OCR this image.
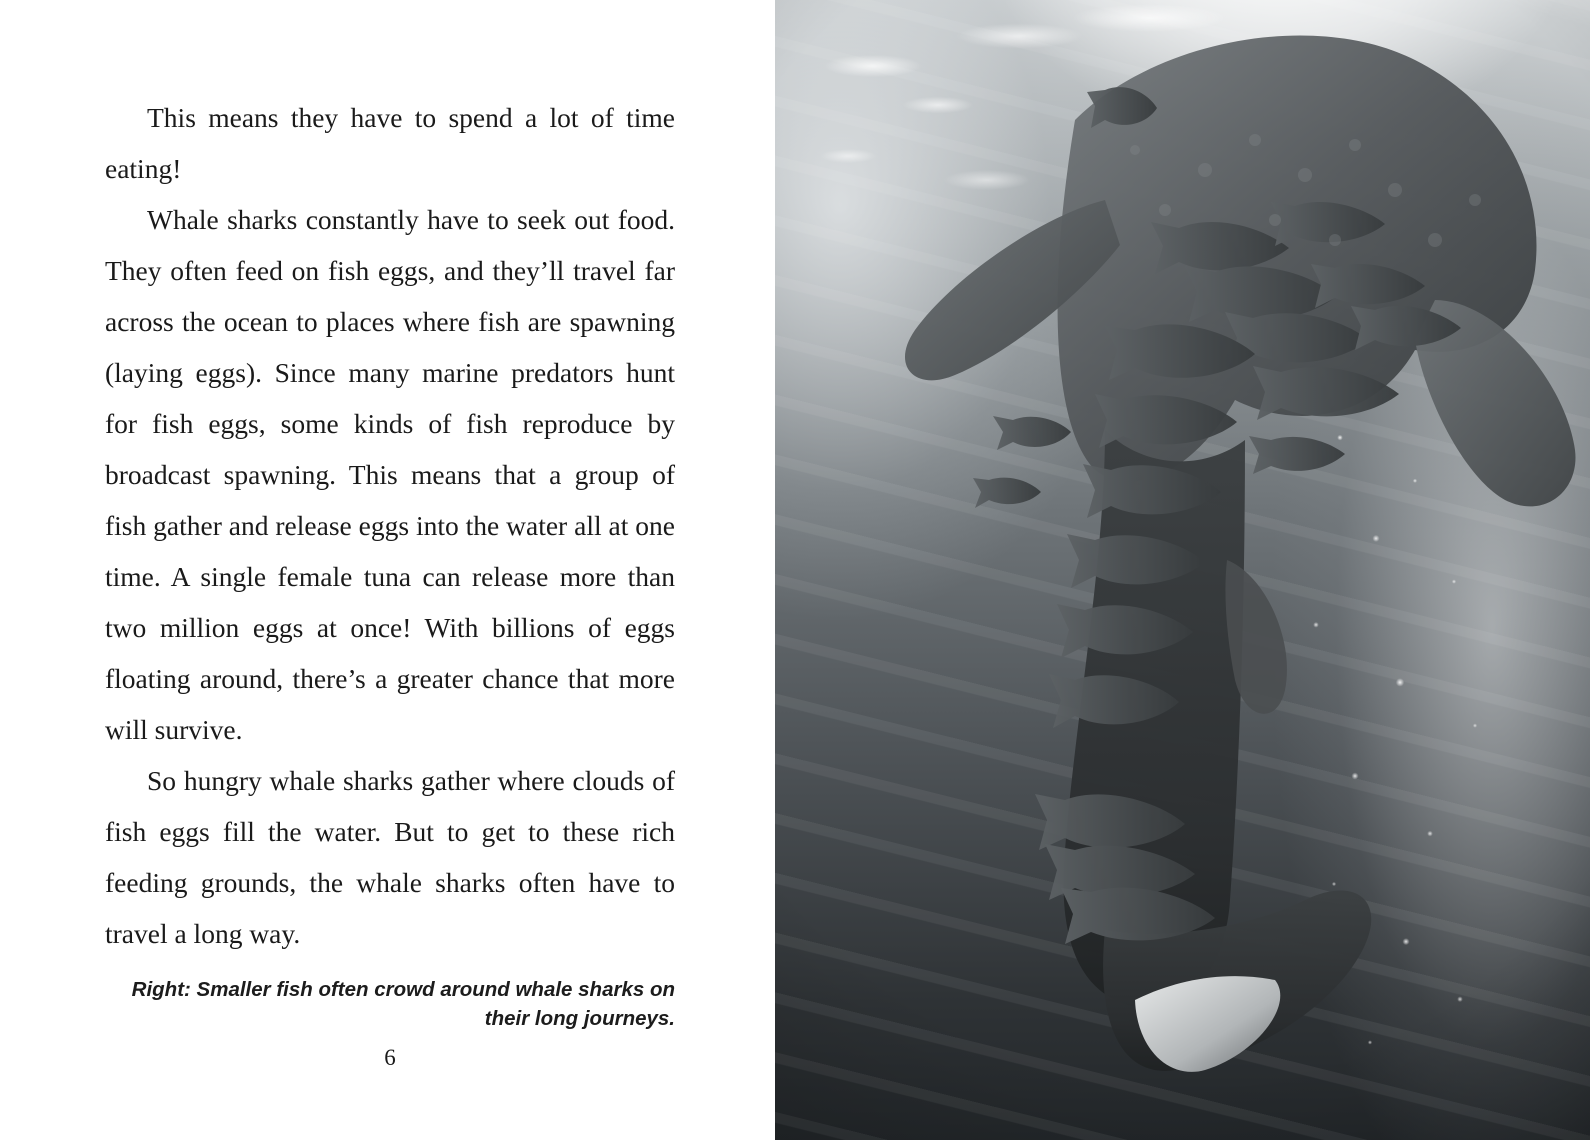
This means they have to spend a lot of time eating!

Whale sharks constantly have to seek out food. They often feed on fish eggs, and they’ll travel far across the ocean to places where fish are spawning (laying eggs). Since many marine predators hunt for fish eggs, some kinds of fish reproduce by broadcast spawning. This means that a group of fish gather and release eggs into the water all at one time. A single female tuna can release more than two million eggs at once! With billions of eggs floating around, there’s a greater chance that more will survive.

So hungry whale sharks gather where clouds of fish eggs fill the water. But to get to these rich feeding grounds, the whale sharks often have to travel a long way.

Right: Smaller fish often crowd around whale sharks on their long journeys.
6
